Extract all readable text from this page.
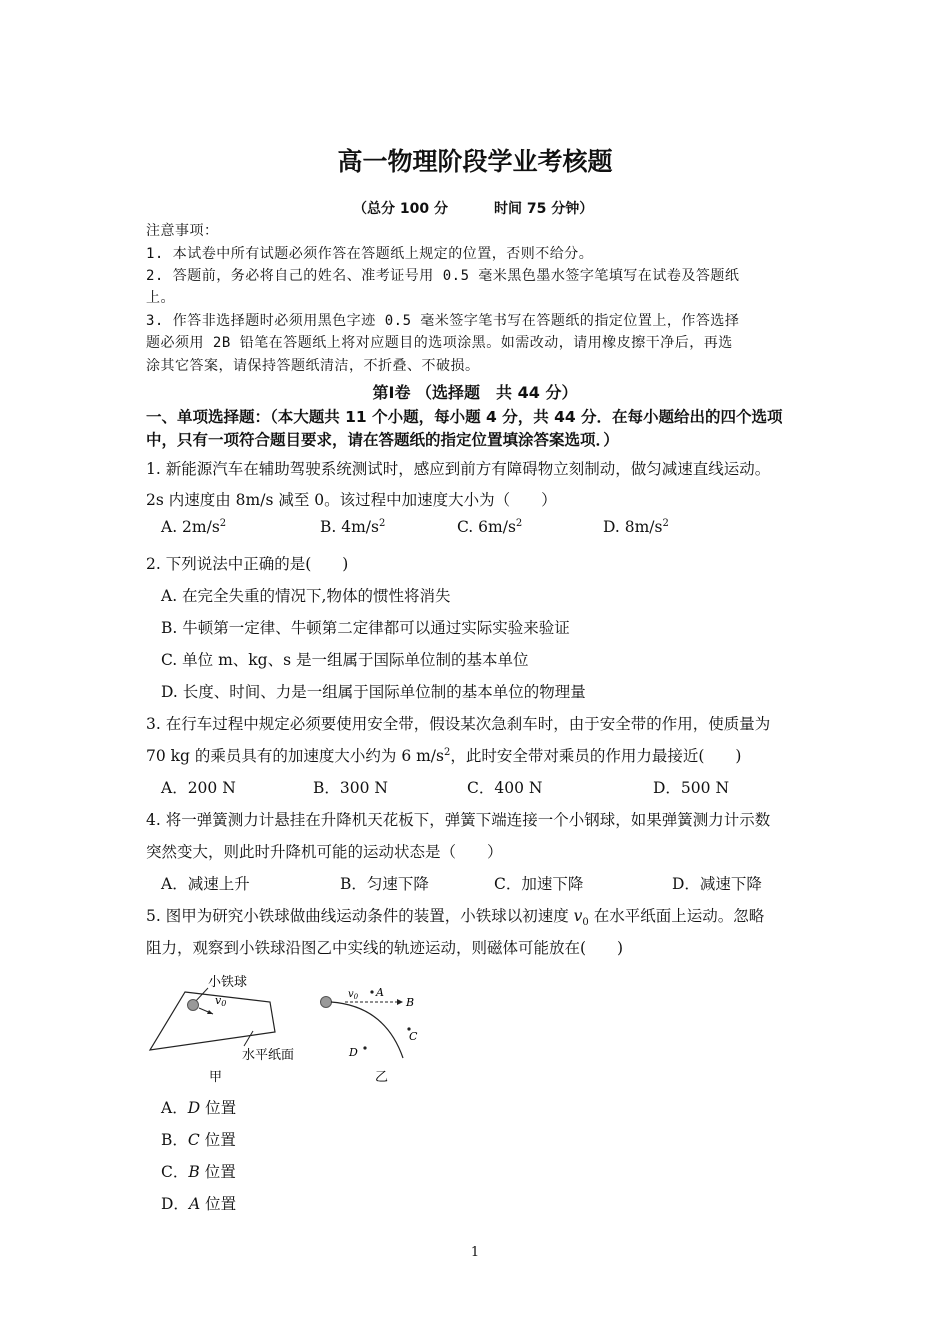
高一物理阶段学业考核题
（总分 100 分	时间 75 分钟）
注意事项：
1. 本试卷中所有试题必须作答在答题纸上规定的位置，否则不给分。
2. 答题前，务必将自己的姓名、准考证号用 0.5 毫米黑色墨水签字笔填写在试卷及答题纸
上。
3. 作答非选择题时必须用黑色字迹 0.5 毫米签字笔书写在答题纸的指定位置上，作答选择
题必须用 2B 铅笔在答题纸上将对应题目的选项涂黑。如需改动，请用橡皮擦干净后，再选
涂其它答案，请保持答题纸清洁，不折叠、不破损。
第Ⅰ卷 （选择题　共 44 分）
一、单项选择题：（本大题共 11 个小题，每小题 4 分，共 44 分．在每小题给出的四个选项
中，只有一项符合题目要求，请在答题纸的指定位置填涂答案选项．）
1. 新能源汽车在辅助驾驶系统测试时，感应到前方有障碍物立刻制动，做匀减速直线运动。
2s 内速度由 8m/s 减至 0。该过程中加速度大小为（　　）
A. $2m/s^2$	B. $4m/s^2$	C. $6m/s^2$	D. $8m/s^2$
2. 下列说法中正确的是(　　)
A. 在完全失重的情况下,物体的惯性将消失
B. 牛顿第一定律、牛顿第二定律都可以通过实际实验来验证
C. 单位 m、kg、s 是一组属于国际单位制的基本单位
D. 长度、时间、力是一组属于国际单位制的基本单位的物理量
3. 在行车过程中规定必须要使用安全带，假设某次急刹车时，由于安全带的作用，使质量为
70 kg 的乘员具有的加速度大小约为 6 $m/s^2$，此时安全带对乘员的作用力最接近(　　)
A．200 N	B．300 N	C．400 N	D．500 N
4. 将一弹簧测力计悬挂在升降机天花板下，弹簧下端连接一个小钢球，如果弹簧测力计示数
突然变大，则此时升降机可能的运动状态是（　　）
A．减速上升	B．匀速下降	C．加速下降	D．减速下降
5. 图甲为研究小铁球做曲线运动条件的装置，小铁球以初速度 $v_0$ 在水平纸面上运动。忽略
阻力，观察到小铁球沿图乙中实线的轨迹运动，则磁体可能放在(　　)
v0
小铁球
水平纸面
甲
$v_0$ A
B
C
D
乙
A．D 位置
B．C 位置
C．B 位置
D．A 位置
1
